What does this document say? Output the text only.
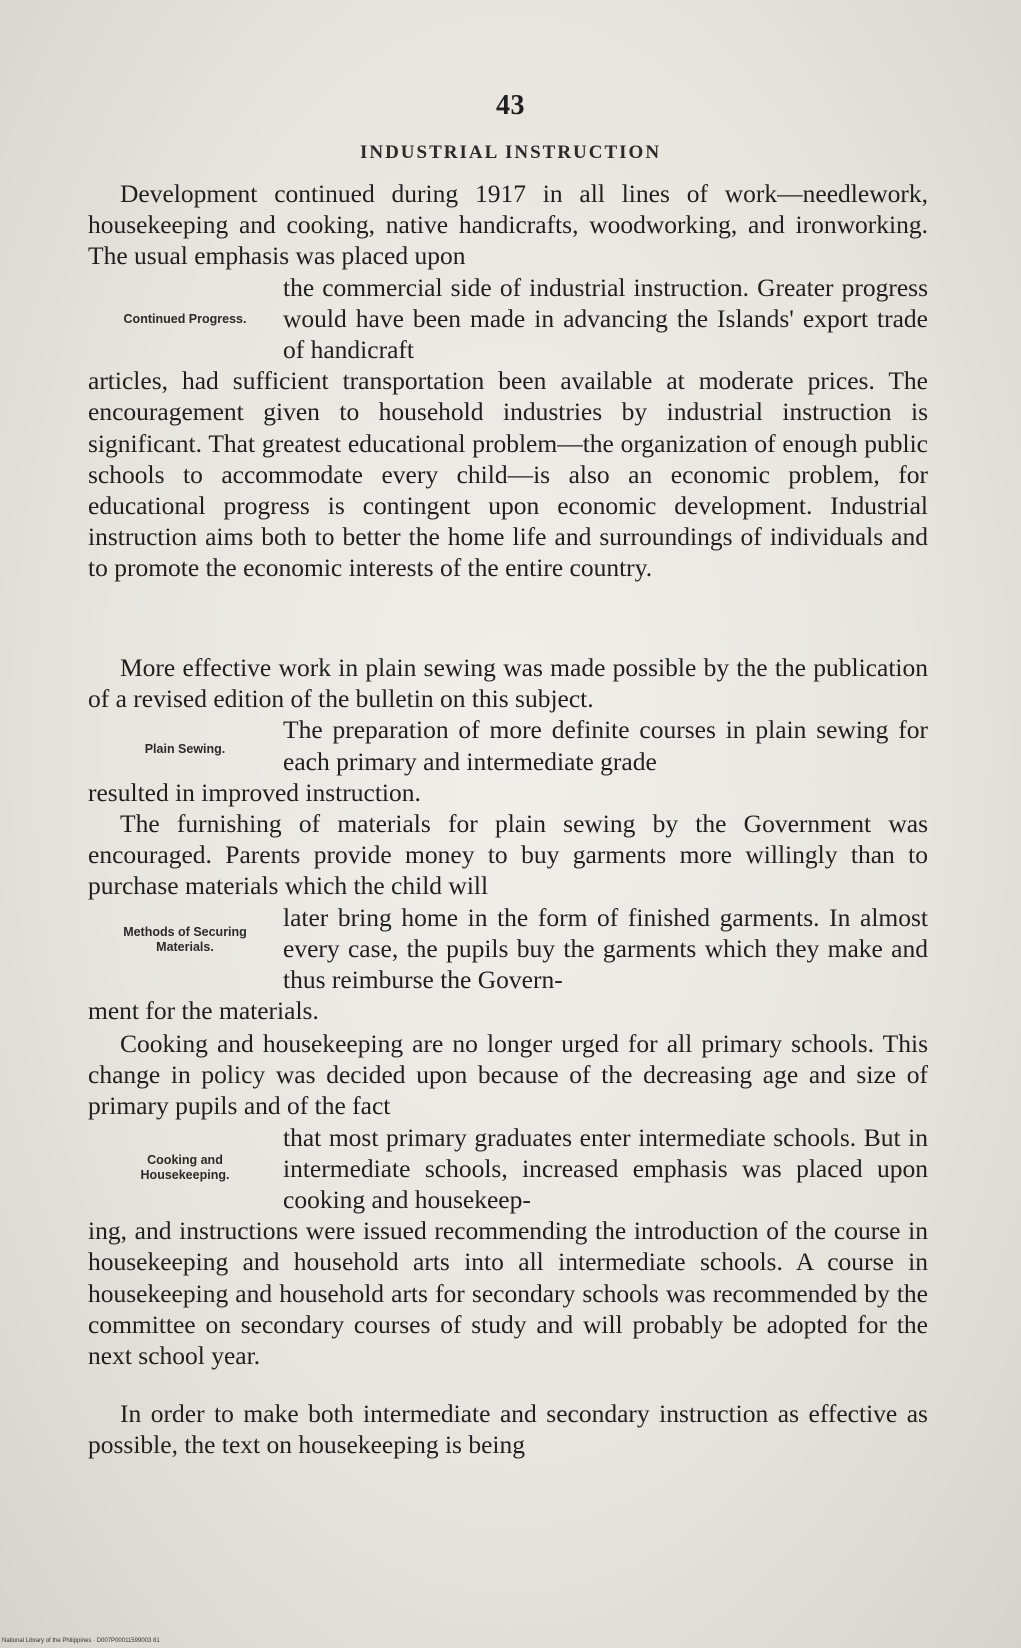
43
INDUSTRIAL INSTRUCTION

Development continued during 1917 in all lines of work—needlework, housekeeping and cooking, native handicrafts, woodworking, and ironworking. The usual emphasis was placed upon

the commercial side of industrial instruction. Greater progress would have been made in advancing the Islands' export trade of handicraft

articles, had sufficient transportation been available at moderate prices. The encouragement given to household industries by industrial instruction is significant. That greatest educational problem—the organization of enough public schools to accommodate every child—is also an economic problem, for educational progress is contingent upon economic development. Industrial instruction aims both to better the home life and surroundings of individuals and to promote the economic interests of the entire country.

Continued Progress.

More effective work in plain sewing was made possible by the the publication of a revised edition of the bulletin on this subject.

The preparation of more definite courses in plain sewing for each primary and intermediate grade

resulted in improved instruction.

Plain Sewing.

The furnishing of materials for plain sewing by the Government was encouraged. Parents provide money to buy garments more willingly than to purchase materials which the child will

later bring home in the form of finished garments. In almost every case, the pupils buy the garments which they make and thus reimburse the Govern-

ment for the materials.

Methods of Securing Materials.

Cooking and housekeeping are no longer urged for all primary schools. This change in policy was decided upon because of the decreasing age and size of primary pupils and of the fact

that most primary graduates enter intermediate schools. But in intermediate schools, increased emphasis was placed upon cooking and housekeep-

ing, and instructions were issued recommending the introduction of the course in housekeeping and household arts into all intermediate schools. A course in housekeeping and household arts for secondary schools was recommended by the committee on secondary courses of study and will probably be adopted for the next school year.

Cooking and Housekeeping.

In order to make both intermediate and secondary instruction as effective as possible, the text on housekeeping is being

National Library of the Philippines · D007P00011599003 81
